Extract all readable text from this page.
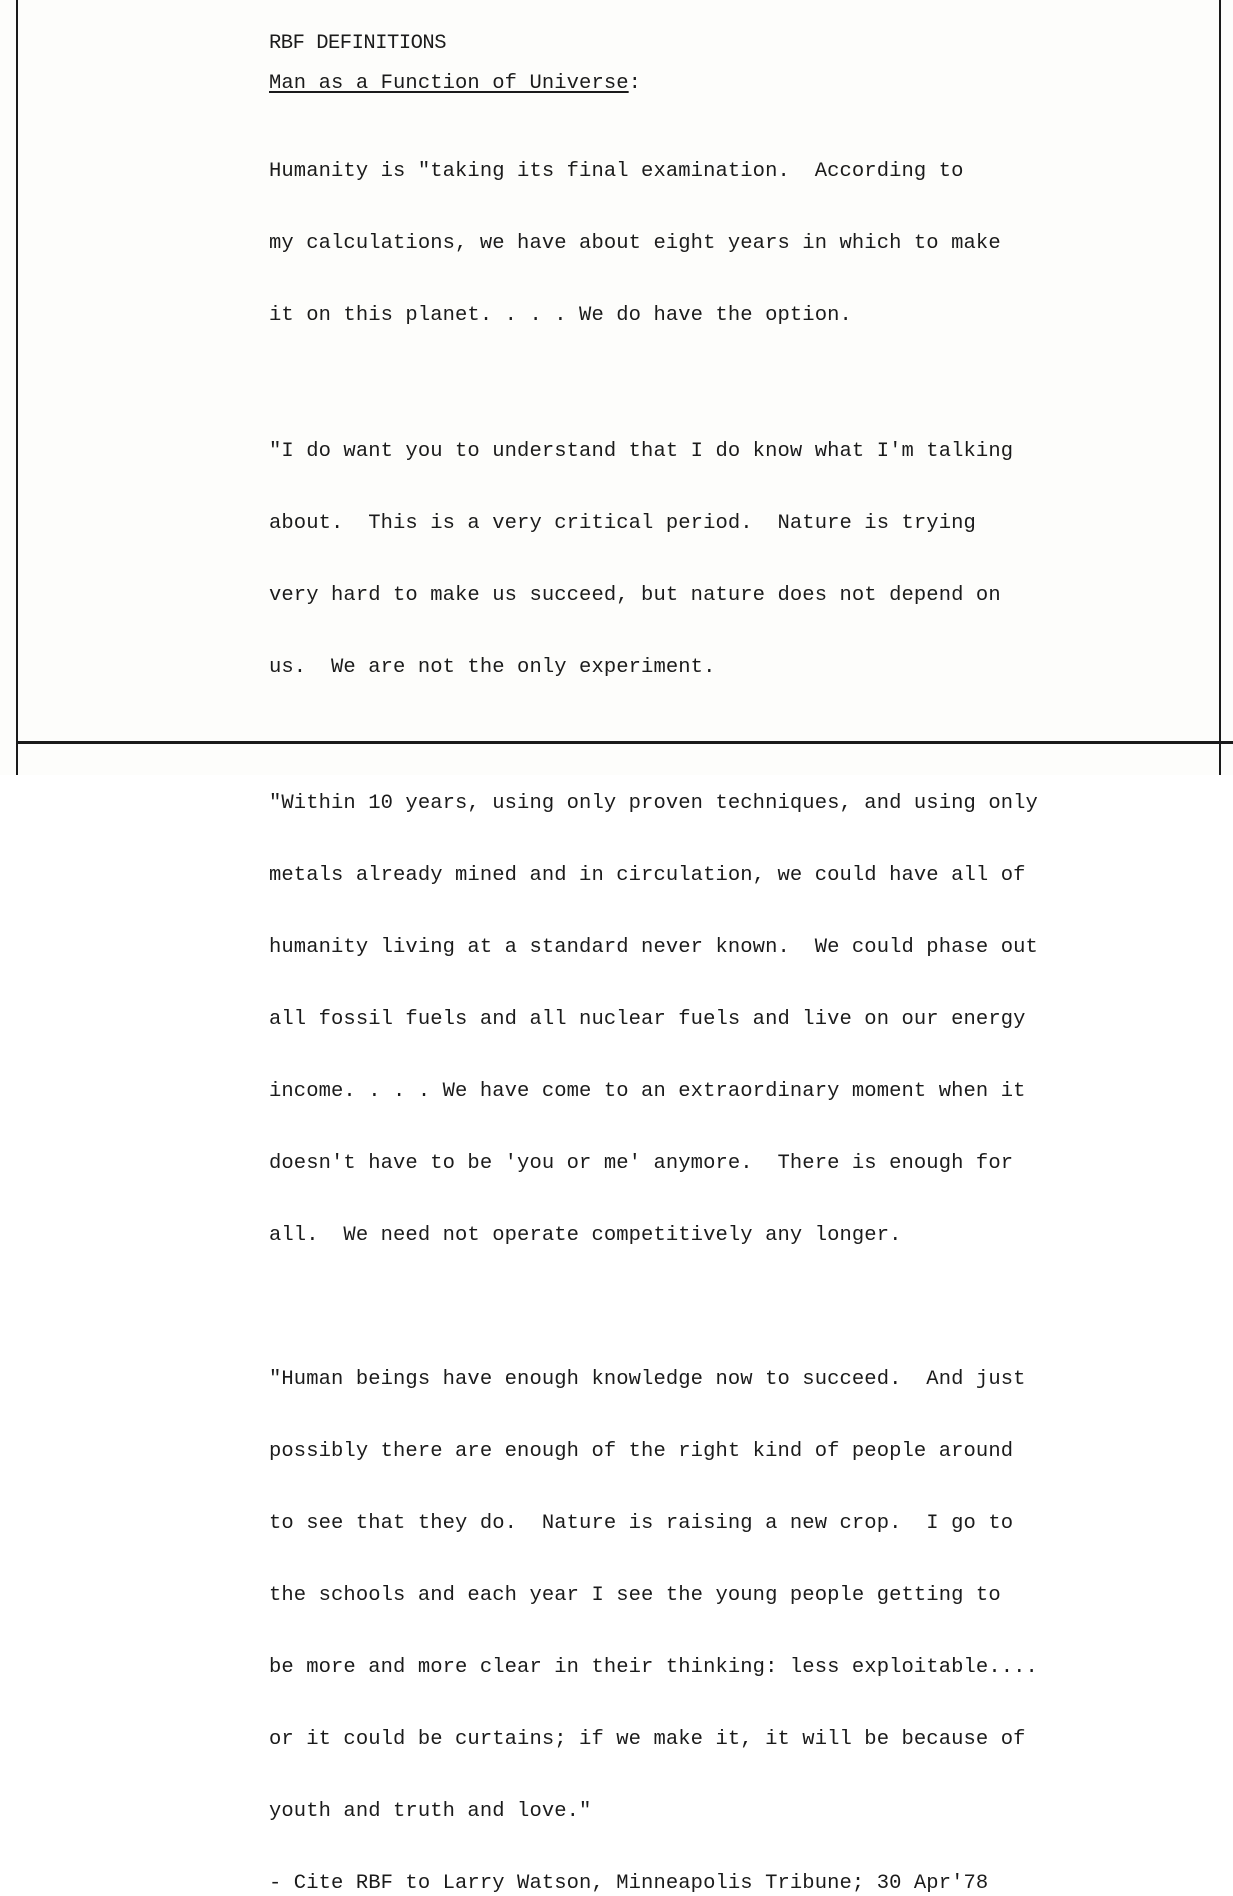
RBF DEFINITIONS
Man as a Function of Universe:

Humanity is "taking its final examination.  According to

my calculations, we have about eight years in which to make

it on this planet. . . . We do have the option.

"I do want you to understand that I do know what I'm talking

about.  This is a very critical period.  Nature is trying

very hard to make us succeed, but nature does not depend on

us.  We are not the only experiment.

"Within 10 years, using only proven techniques, and using only

metals already mined and in circulation, we could have all of

humanity living at a standard never known.  We could phase out

all fossil fuels and all nuclear fuels and live on our energy

income. . . . We have come to an extraordinary moment when it

doesn't have to be 'you or me' anymore.  There is enough for

all.  We need not operate competitively any longer.

"Human beings have enough knowledge now to succeed.  And just

possibly there are enough of the right kind of people around

to see that they do.  Nature is raising a new crop.  I go to

the schools and each year I see the young people getting to

be more and more clear in their thinking: less exploitable....

or it could be curtains; if we make it, it will be because of

youth and truth and love."

- Cite RBF to Larry Watson, Minneapolis Tribune; 30 Apr'78
